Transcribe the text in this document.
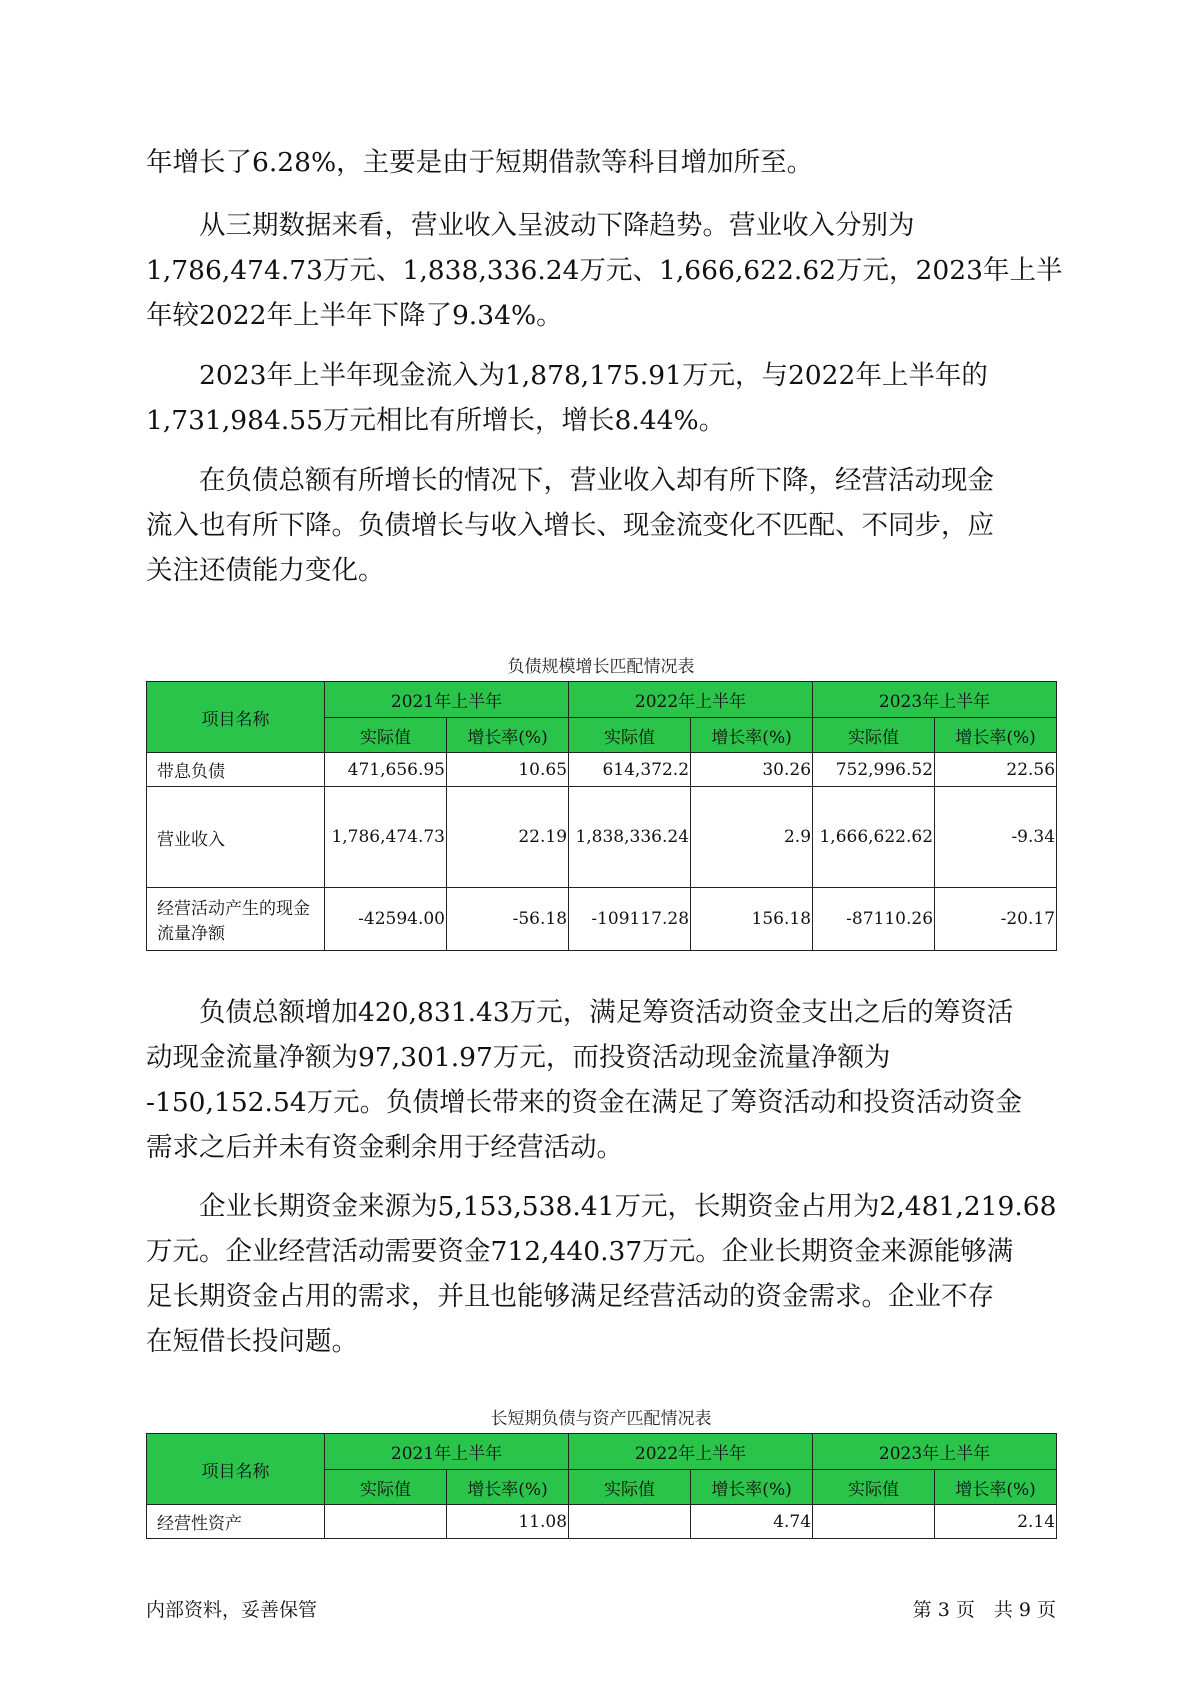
年增长了6.28%，主要是由于短期借款等科目增加所至。
　　从三期数据来看，营业收入呈波动下降趋势。营业收入分别为
1,786,474.73万元、1,838,336.24万元、1,666,622.62万元，2023年上半
年较2022年上半年下降了9.34%。
　　2023年上半年现金流入为1,878,175.91万元，与2022年上半年的
1,731,984.55万元相比有所增长，增长8.44%。
　　在负债总额有所增长的情况下，营业收入却有所下降，经营活动现金
流入也有所下降。负债增长与收入增长、现金流变化不匹配、不同步，应
关注还债能力变化。
负债规模增长匹配情况表
项目名称	2021年上半年		2022年上半年		2023年上半年	
	实际值	增长率(%)	实际值	增长率(%)	实际值	增长率(%)
带息负债	471,656.95	10.65	614,372.2	30.26	752,996.52	22.56
营业收入	1,786,474.73	22.19	1,838,336.24	2.9	1,666,622.62	-9.34
经营活动产生的现金流量净额	-42594.00	-56.18	-109117.28	156.18	-87110.26	-20.17
　　负债总额增加420,831.43万元，满足筹资活动资金支出之后的筹资活
动现金流量净额为97,301.97万元，而投资活动现金流量净额为
-150,152.54万元。负债增长带来的资金在满足了筹资活动和投资活动资金
需求之后并未有资金剩余用于经营活动。
　　企业长期资金来源为5,153,538.41万元，长期资金占用为2,481,219.68
万元。企业经营活动需要资金712,440.37万元。企业长期资金来源能够满
足长期资金占用的需求，并且也能够满足经营活动的资金需求。企业不存
在短借长投问题。
长短期负债与资产匹配情况表
项目名称	2021年上半年		2022年上半年		2023年上半年	
	实际值	增长率(%)	实际值	增长率(%)	实际值	增长率(%)
经营性资产		11.08		4.74		2.14
内部资料，妥善保管	第 3 页　共 9 页
